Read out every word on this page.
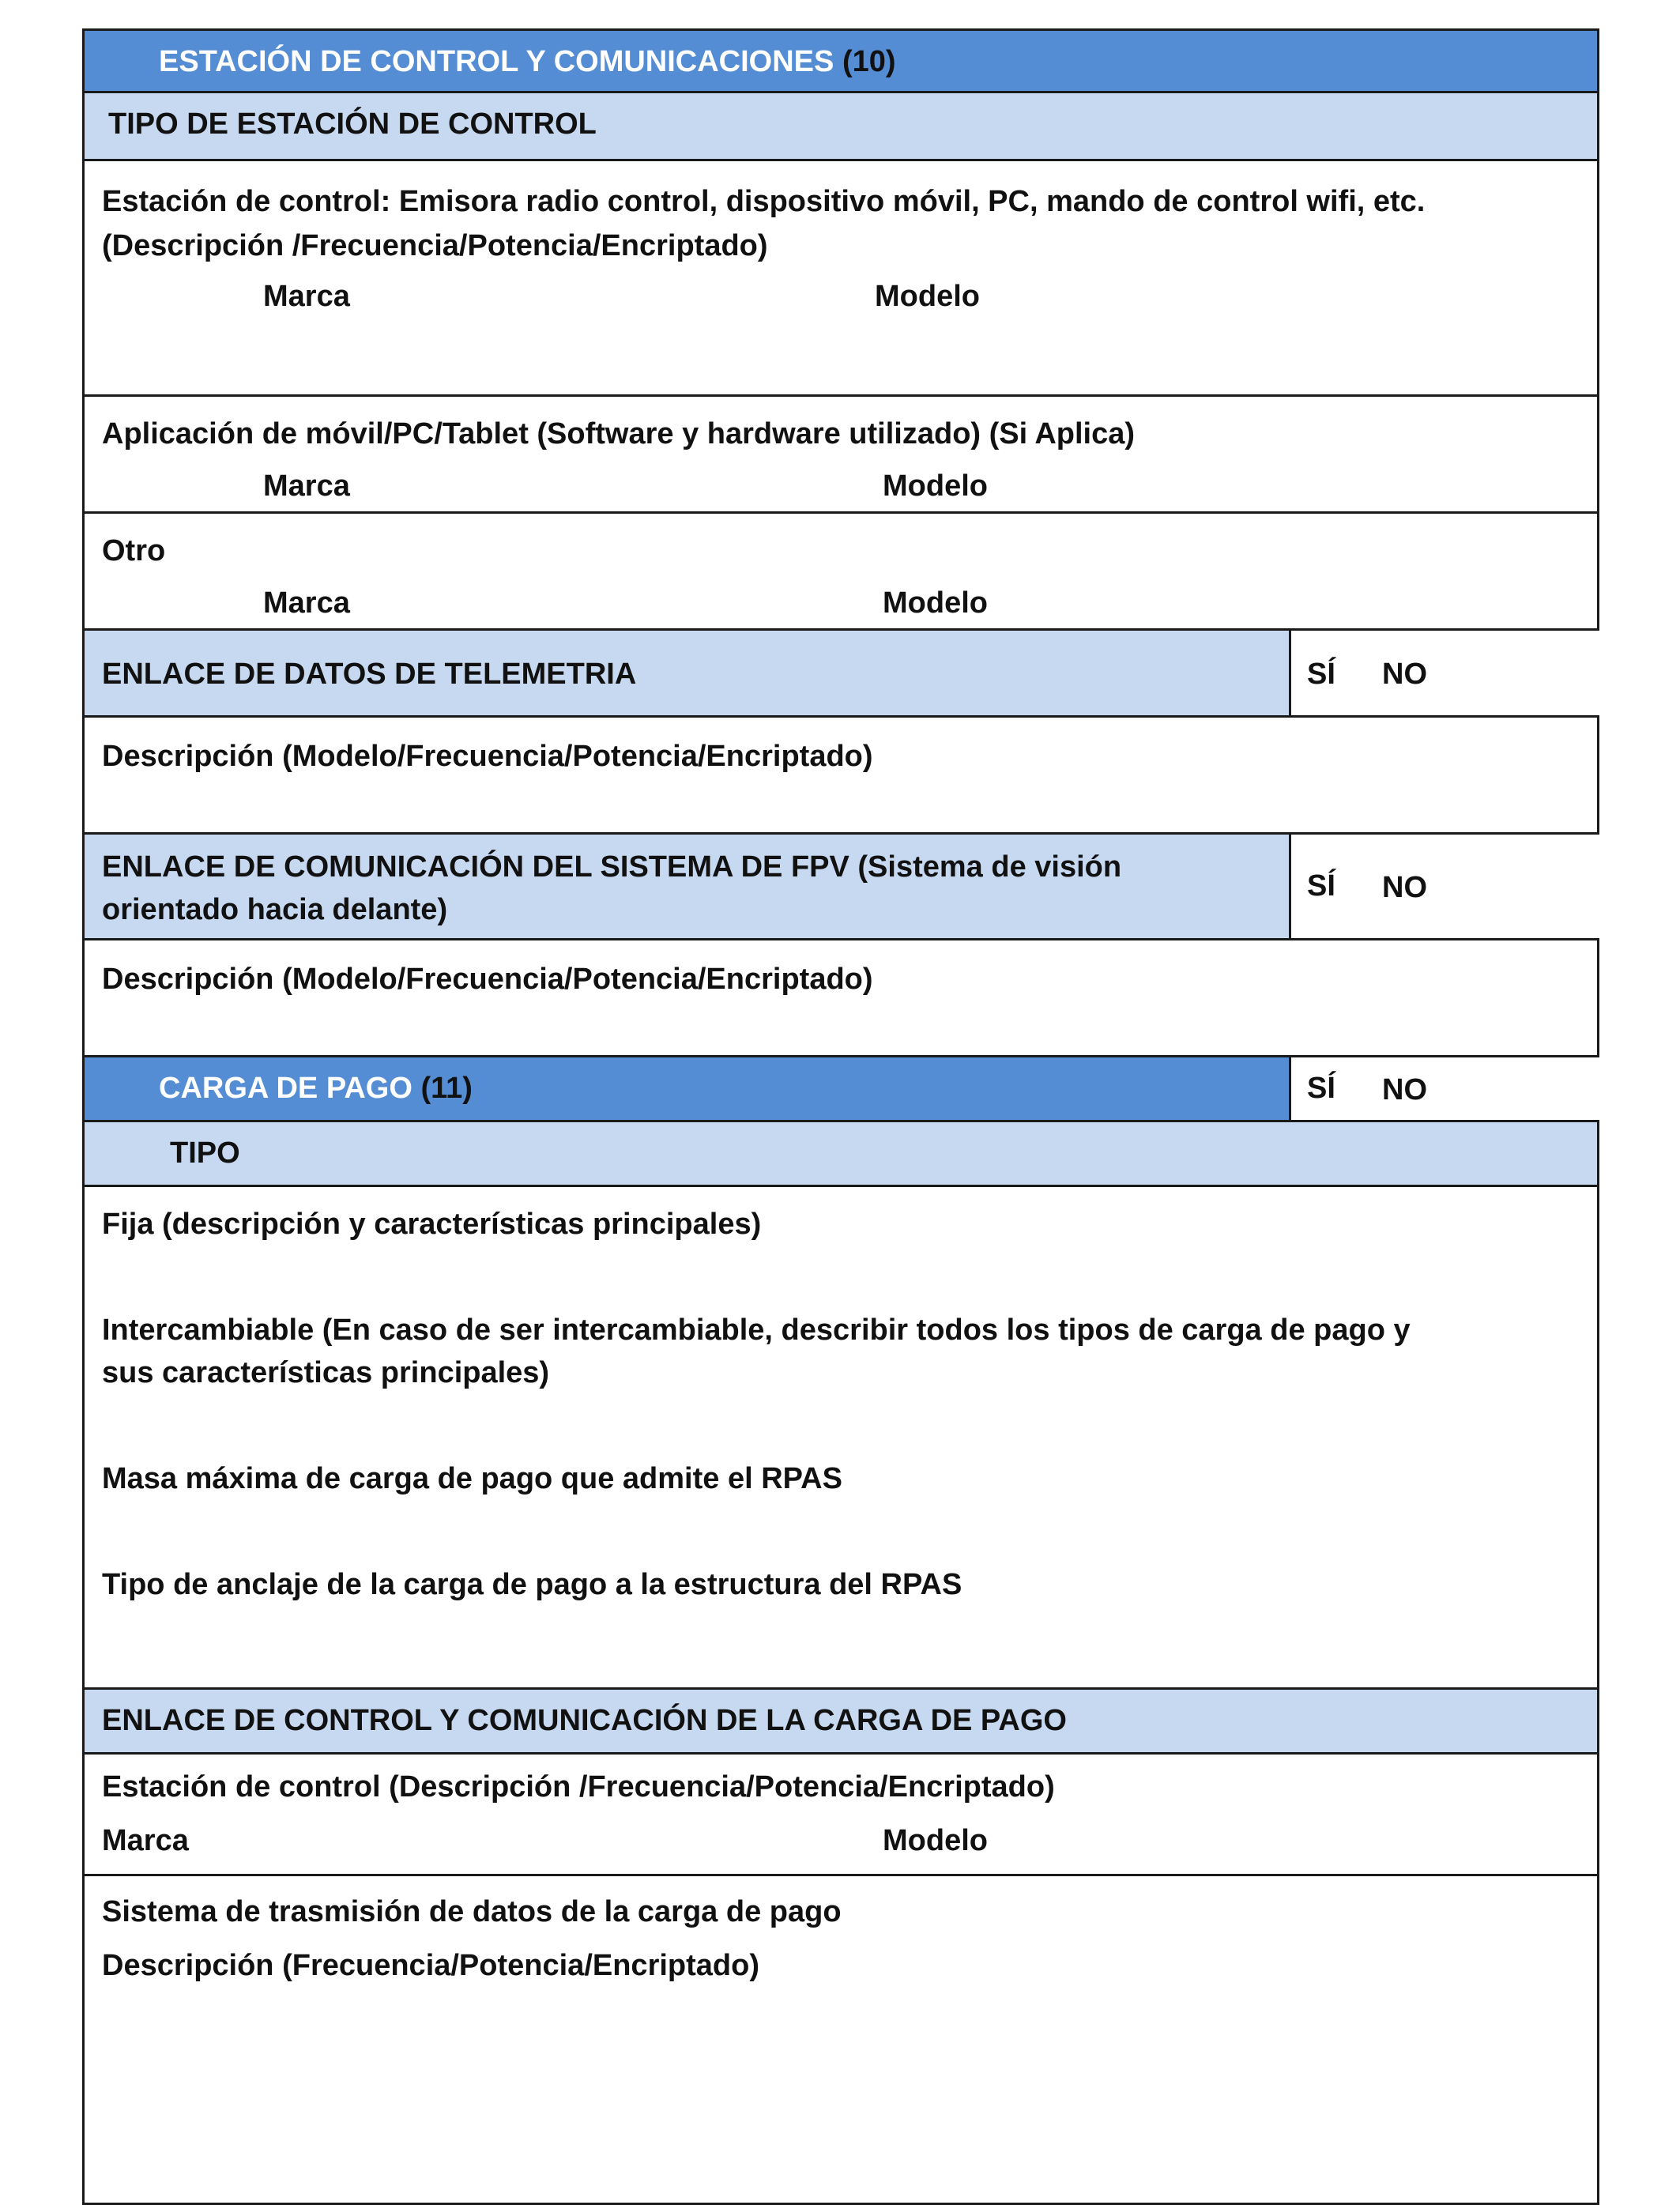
ESTACIÓN DE CONTROL Y COMUNICACIONES (10)
TIPO DE ESTACIÓN DE CONTROL
Estación de control: Emisora radio control, dispositivo móvil, PC, mando de control wifi, etc.
(Descripción /Frecuencia/Potencia/Encriptado)
Marca	Modelo
Aplicación de móvil/PC/Tablet (Software y hardware utilizado) (Si Aplica)
Marca	Modelo
Otro
Marca	Modelo
ENLACE DE DATOS DE TELEMETRIA	SÍ NO
Descripción (Modelo/Frecuencia/Potencia/Encriptado)
ENLACE DE COMUNICACIÓN DEL SISTEMA DE FPV (Sistema de visión
orientado hacia delante)
SÍ NO
Descripción (Modelo/Frecuencia/Potencia/Encriptado)
CARGA DE PAGO (11)	SÍ NO
TIPO
Fija (descripción y características principales)
Intercambiable (En caso de ser intercambiable, describir todos los tipos de carga de pago y
sus características principales)
Masa máxima de carga de pago que admite el RPAS
Tipo de anclaje de la carga de pago a la estructura del RPAS
ENLACE DE CONTROL Y COMUNICACIÓN DE LA CARGA DE PAGO
Estación de control (Descripción /Frecuencia/Potencia/Encriptado)
Marca	Modelo
Sistema de trasmisión de datos de la carga de pago
Descripción (Frecuencia/Potencia/Encriptado)
